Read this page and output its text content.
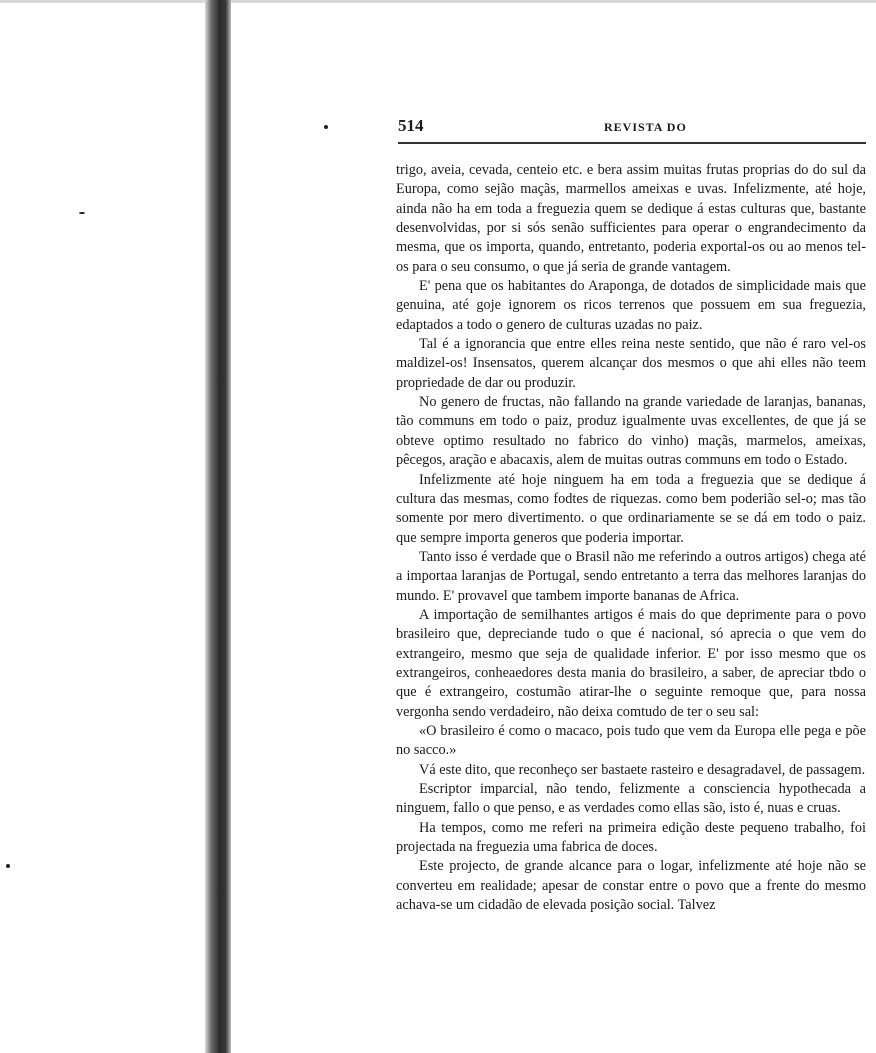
514	REVISTA DO

trigo, aveia, cevada, centeio etc. e bera assim muitas frutas proprias do do sul da Europa, como sejão maçãs, marmellos ameixas e uvas. Infelizmente, até hoje, ainda não ha em toda a freguezia quem se dedique á estas culturas que, bastante desenvolvidas, por si sós senão sufficientes para operar o engrandecimento da mesma, que os importa, quando, entretanto, poderia exportal-os ou ao menos tel-os para o seu consumo, o que já seria de grande vantagem.

E' pena que os habitantes do Araponga, de dotados de simplicidade mais que genuina, até goje ignorem os ricos terrenos que possuem em sua freguezia, edaptados a todo o genero de culturas uzadas no paiz.

Tal é a ignorancia que entre elles reina neste sentido, que não é raro vel-os maldizel-os! Insensatos, querem alcançar dos mesmos o que ahi elles não teem propriedade de dar ou produzir.

No genero de fructas, não fallando na grande variedade de laranjas, bananas, tão communs em todo o paiz, produz igualmente uvas excellentes, de que já se obteve optimo resultado no fabrico do vinho) maçãs, marmelos, ameixas, pêcegos, aração e abacaxis, alem de muitas outras communs em todo o Estado.

Infelizmente até hoje ninguem ha em toda a freguezia que se dedique á cultura das mesmas, como fodtes de riquezas. como bem poderião sel-o; mas tão somente por mero divertimento. o que ordinariamente se se dá em todo o paiz. que sempre importa generos que poderia importar.

Tanto isso é verdade que o Brasil não me referindo a outros artigos) chega até a importaa laranjas de Portugal, sendo entretanto a terra das melhores laranjas do mundo. E' provavel que tambem importe bananas de Africa.

A importação de semilhantes artigos é mais do que deprimente para o povo brasileiro que, depreciande tudo o que é nacional, só aprecia o que vem do extrangeiro, mesmo que seja de qualidade inferior. E' por isso mesmo que os extrangeiros, conheaedores desta mania do brasileiro, a saber, de apreciar tbdo o que é extrangeiro, costumão atirar-lhe o seguinte remoque que, para nossa vergonha sendo verdadeiro, não deixa comtudo de ter o seu sal:

«O brasileiro é como o macaco, pois tudo que vem da Europa elle pega e põe no sacco.»

Vá este dito, que reconheço ser bastaete rasteiro e desagradavel, de passagem.

Escriptor imparcial, não tendo, felizmente a consciencia hypothecada a ninguem, fallo o que penso, e as verdades como ellas são, isto é, nuas e cruas.

Ha tempos, como me referi na primeira edição deste pequeno trabalho, foi projectada na freguezia uma fabrica de doces.

Este projecto, de grande alcance para o logar, infelizmente até hoje não se converteu em realidade; apesar de constar entre o povo que a frente do mesmo achava-se um cidadão de elevada posição social. Talvez
